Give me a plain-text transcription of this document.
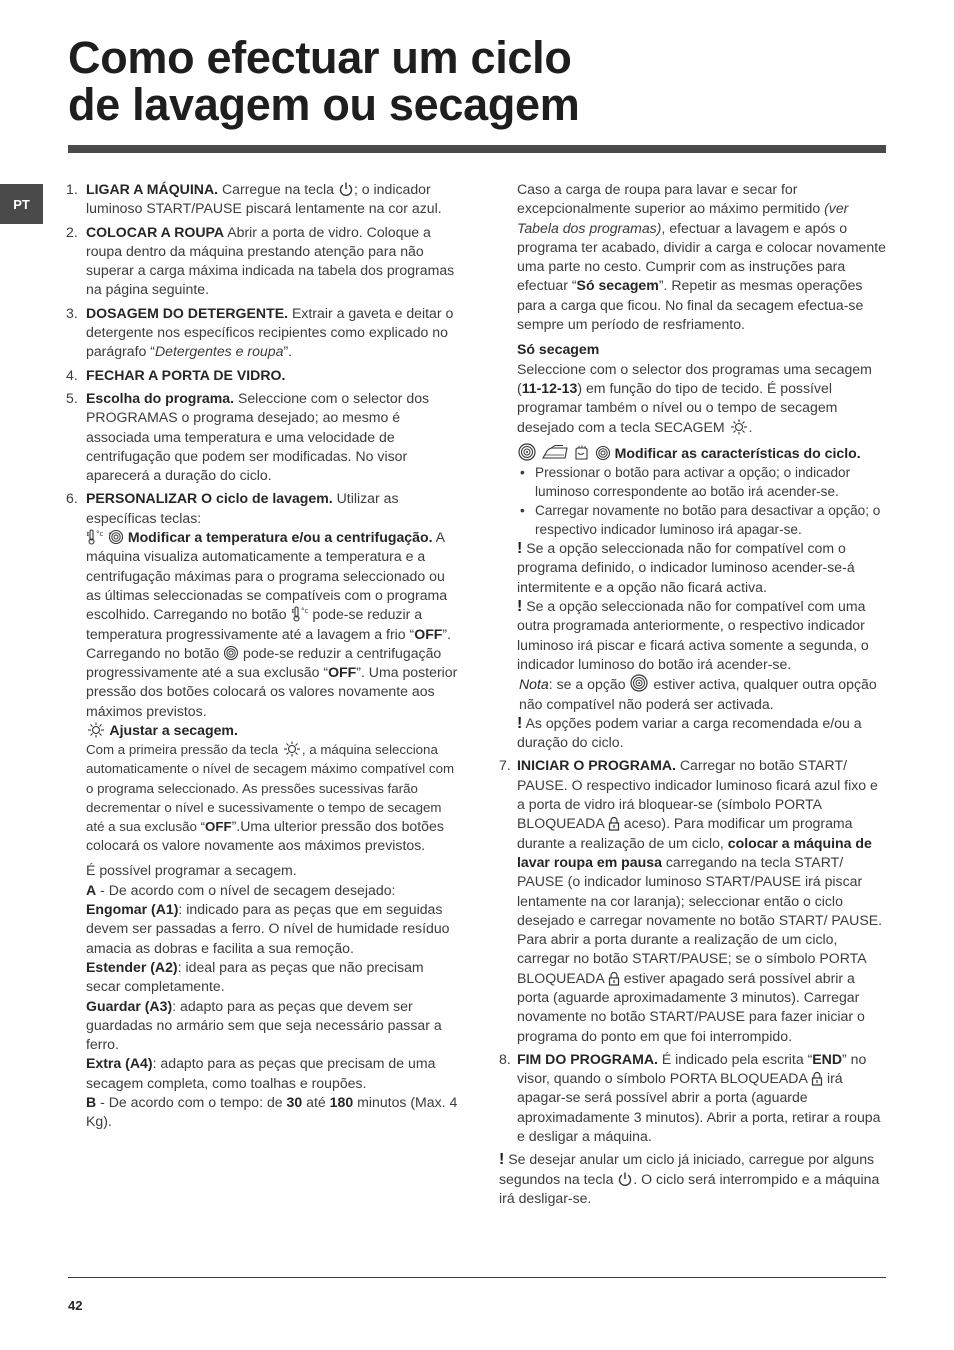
Como efectuar um ciclo
de lavagem ou secagem
PT
1. LIGAR A MÁQUINA. Carregue na tecla
; o indicador luminoso START/PAUSE piscará lentamente na cor azul.
2. COLOCAR A ROUPA Abrir a porta de vidro. Coloque a roupa dentro da máquina prestando atenção para não superar a carga máxima indicada na tabela dos programas na página seguinte.
3. DOSAGEM DO DETERGENTE. Extrair a gaveta e deitar o detergente nos específicos recipientes como explicado no parágrafo “Detergentes e roupa”.
4. FECHAR A PORTA DE VIDRO.
5. Escolha do programa. Seleccione com o selector dos PROGRAMAS o programa desejado; ao mesmo é associada uma temperatura e uma velocidade de centrifugação que podem ser modificadas. No visor aparecerá a duração do ciclo.
6. PERSONALIZAR O ciclo de lavagem. Utilizar as específicas teclas:
°c
Modificar a temperatura e/ou a centrifugação. A máquina visualiza automaticamente a temperatura e a centrifugação máximas para o programa seleccionado ou as últimas seleccionadas se compatíveis com o programa escolhido. Carregando no botão °c pode-se reduzir a temperatura progressivamente até a lavagem a frio “OFF”. Carregando no botão
pode-se reduzir a centrifugação progressivamente até a sua exclusão “OFF”. Uma posterior pressão dos botões colocará os valores novamente aos máximos previstos.
Ajustar a secagem.
Com a primeira pressão da tecla
, a máquina selecciona automaticamente o nível de secagem máximo compatível com o programa seleccionado. As pressões sucessivas farão decrementar o nível e sucessivamente o tempo de secagem até a sua exclusão “OFF”.Uma ulterior pressão dos botões colocará os valore novamente aos máximos previstos.
É possível programar a secagem.
A - De acordo com o nível de secagem desejado:
Engomar (A1): indicado para as peças que em seguidas devem ser passadas a ferro. O nível de humidade resíduo amacia as dobras e facilita a sua remoção.
Estender (A2): ideal para as peças que não precisam secar completamente.
Guardar (A3): adapto para as peças que devem ser guardadas no armário sem que seja necessário passar a ferro.
Extra (A4): adapto para as peças que precisam de uma secagem completa, como toalhas e roupões.
B - De acordo com o tempo: de 30 até 180 minutos (Max. 4 Kg).
Caso a carga de roupa para lavar e secar for excepcionalmente superior ao máximo permitido (ver Tabela dos programas), efectuar a lavagem e após o programa ter acabado, dividir a carga e colocar novamente uma parte no cesto. Cumprir com as instruções para efectuar “Só secagem”. Repetir as mesmas operações para a carga que ficou. No final da secagem efectua-se sempre um período de resfriamento.
Só secagem
Seleccione com o selector dos programas uma secagem (11-12-13) em função do tipo de tecido. É possível programar também o nível ou o tempo de secagem desejado com a tecla SECAGEM
.

Modificar as características do ciclo.
• Pressionar o botão para activar a opção; o indicador luminoso correspondente ao botão irá acender-se.
• Carregar novamente no botão para desactivar a opção; o respectivo indicador luminoso irá apagar-se.
! Se a opção seleccionada não for compatível com o programa definido, o indicador luminoso acender-se-á intermitente e a opção não ficará activa.
! Se a opção seleccionada não for compatível com uma outra programada anteriormente, o respectivo indicador luminoso irá piscar e ficará activa somente a segunda, o indicador luminoso do botão irá acender-se.
Nota: se a opção
estiver activa, qualquer outra opção não compatível não poderá ser activada.
! As opções podem variar a carga recomendada e/ou a duração do ciclo.
7. INICIAR O PROGRAMA. Carregar no botão START/ PAUSE. O respectivo indicador luminoso ficará azul fixo e a porta de vidro irá bloquear-se (símbolo PORTA BLOQUEADA
aceso). Para modificar um programa durante a realização de um ciclo, colocar a máquina de lavar roupa em pausa carregando na tecla START/ PAUSE (o indicador luminoso START/PAUSE irá piscar lentamente na cor laranja); seleccionar então o ciclo desejado e carregar novamente no botão START/ PAUSE. Para abrir a porta durante a realização de um ciclo, carregar no botão START/PAUSE; se o símbolo PORTA BLOQUEADA
estiver apagado será possível abrir a porta (aguarde aproximadamente 3 minutos). Carregar novamente no botão START/PAUSE para fazer iniciar o programa do ponto em que foi interrompido.
8. FIM DO PROGRAMA. É indicado pela escrita “END” no visor, quando o símbolo PORTA BLOQUEADA
irá apagar-se será possível abrir a porta (aguarde aproximadamente 3 minutos). Abrir a porta, retirar a roupa e desligar a máquina.
! Se desejar anular um ciclo já iniciado, carregue por alguns segundos na tecla
. O ciclo será interrompido e a máquina irá desligar-se.
42
